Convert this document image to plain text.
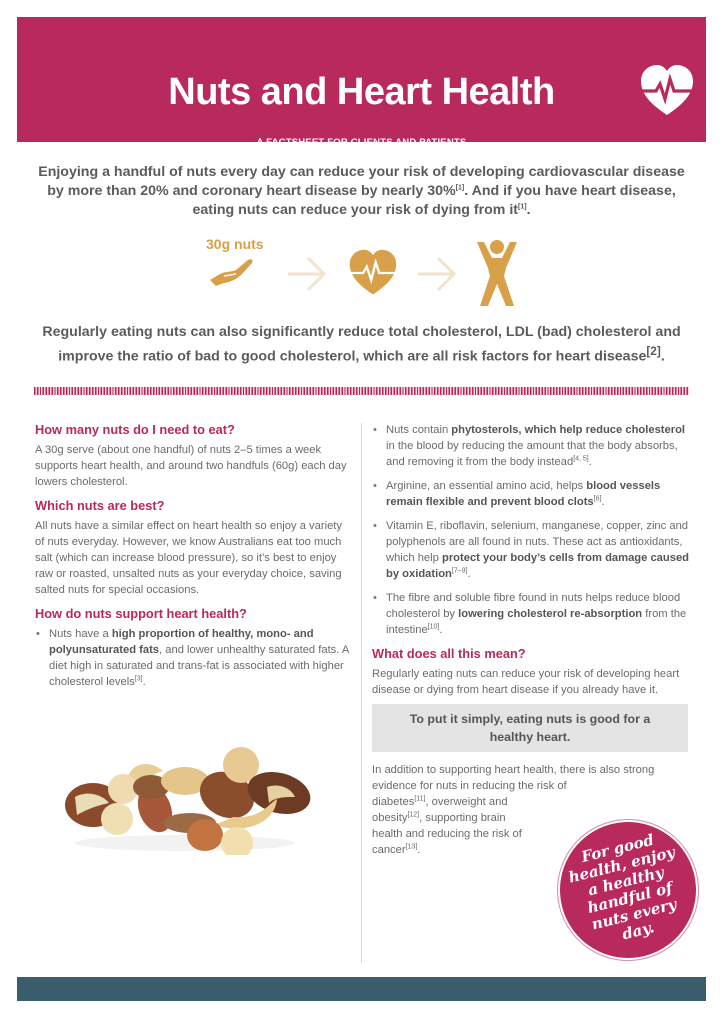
Nuts and Heart Health
A FACTSHEET FOR CLIENTS AND PATIENTS
Enjoying a handful of nuts every day can reduce your risk of developing cardiovascular disease by more than 20% and coronary heart disease by nearly 30%[1]. And if you have heart disease, eating nuts can reduce your risk of dying from it[1].
30g nuts
Regularly eating nuts can also significantly reduce total cholesterol, LDL (bad) cholesterol and improve the ratio of bad to good cholesterol, which are all risk factors for heart disease[2].
How many nuts do I need to eat?

A 30g serve (about one handful) of nuts 2–5 times a week supports heart health, and around two handfuls (60g) each day lowers cholesterol.

Which nuts are best?

All nuts have a similar effect on heart health so enjoy a variety of nuts everyday. However, we know Australians eat too much salt (which can increase blood pressure), so it’s best to enjoy raw or roasted, unsalted nuts as your everyday choice, saving salted nuts for special occasions.

How do nuts support heart health?
• Nuts have a high proportion of healthy, mono- and polyunsaturated fats, and lower unhealthy saturated fats. A diet high in saturated and trans-fat is associated with higher cholesterol levels[3].
• Nuts contain phytosterols, which help reduce cholesterol in the blood by reducing the amount that the body absorbs, and removing it from the body instead[4, 5].
• Arginine, an essential amino acid, helps blood vessels remain flexible and prevent blood clots[6].
• Vitamin E, riboflavin, selenium, manganese, copper, zinc and polyphenols are all found in nuts. These act as antioxidants, which help protect your body’s cells from damage caused by oxidation[7–9].
• The fibre and soluble fibre found in nuts helps reduce blood cholesterol by lowering cholesterol re-absorption from the intestine[10].
What does all this mean?

Regularly eating nuts can reduce your risk of developing heart disease or dying from heart disease if you already have it.

To put it simply, eating nuts is good for a healthy heart.

In addition to supporting heart health, there is also strong evidence for nuts in reducing the risk of
diabetes[11], overweight and obesity[12], supporting brain health and reducing the risk of cancer[13].	For good health, enjoy a healthy handful of nuts every day.
